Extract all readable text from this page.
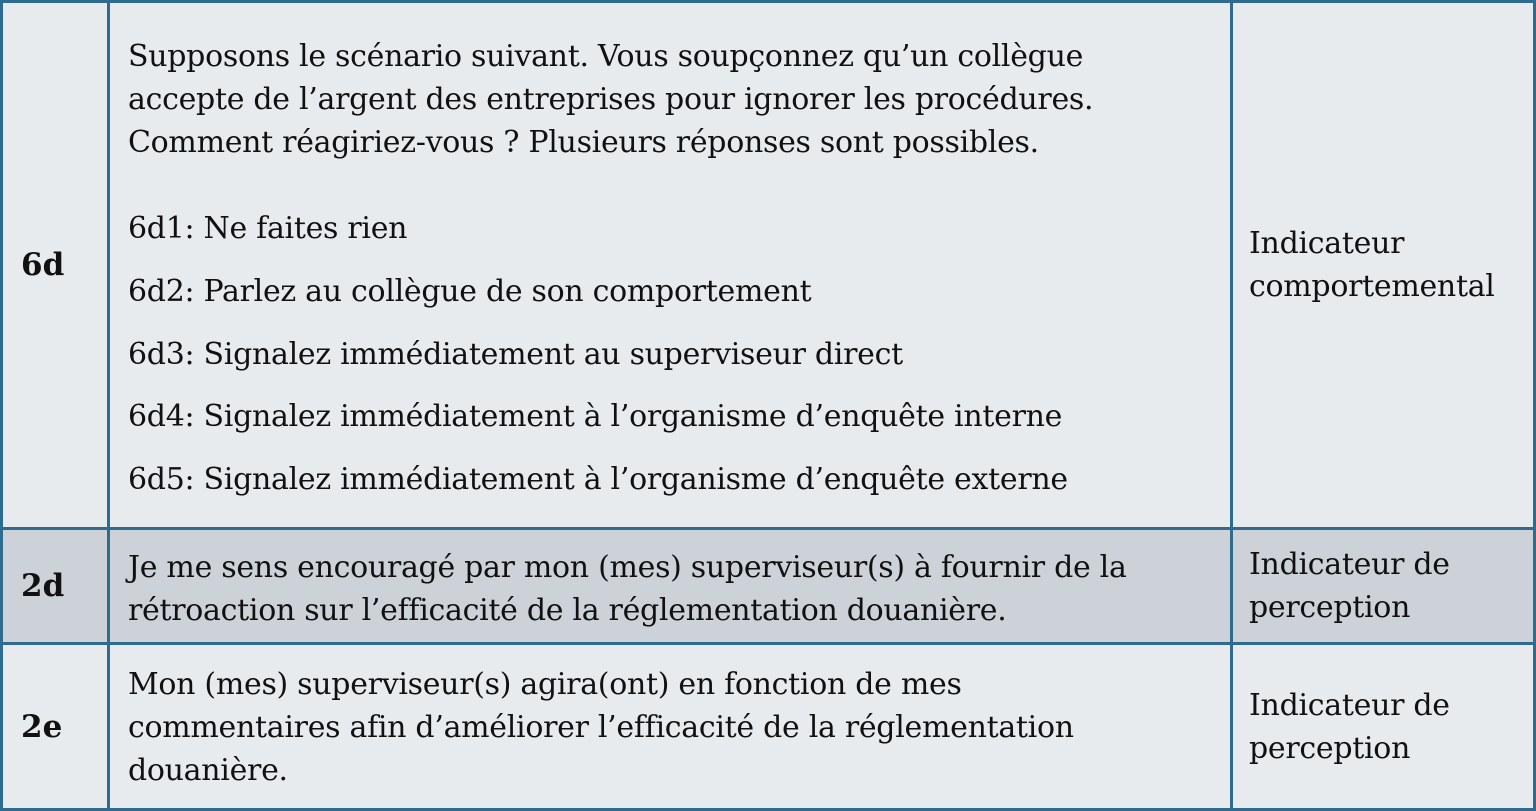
6d
Supposons le scénario suivant. Vous soupçonnez qu’un collègue
accepte de l’argent des entreprises pour ignorer les procédures.
Comment réagiriez-vous ? Plusieurs réponses sont possibles.
6d1: Ne faites rien
6d2: Parlez au collègue de son comportement
6d3: Signalez immédiatement au superviseur direct
6d4: Signalez immédiatement à l’organisme d’enquête interne
6d5: Signalez immédiatement à l’organisme d’enquête externe
Indicateur
comportemental
2d
Je me sens encouragé par mon (mes) superviseur(s) à fournir de la
rétroaction sur l’efficacité de la réglementation douanière.
Indicateur de
perception
2e
Mon (mes) superviseur(s) agira(ont) en fonction de mes
commentaires afin d’améliorer l’efficacité de la réglementation
douanière.
Indicateur de
perception
